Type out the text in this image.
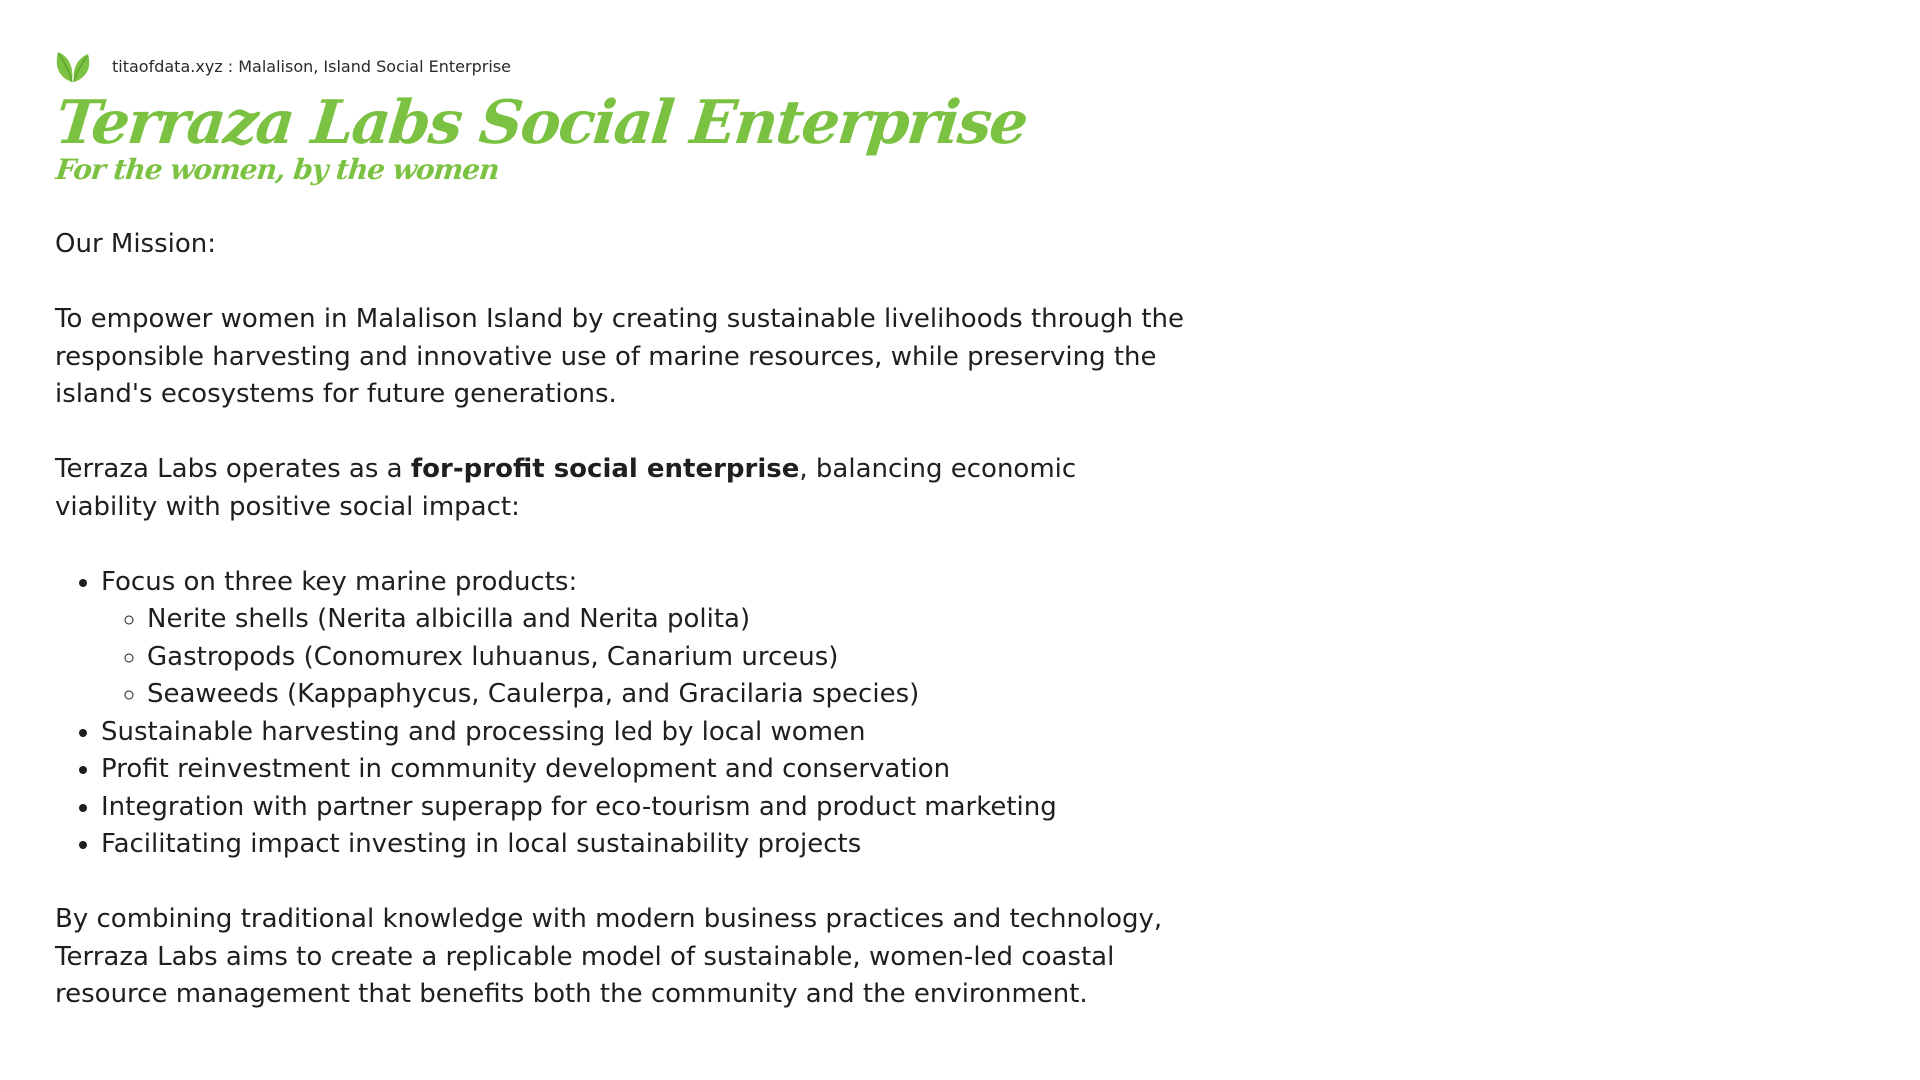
titaofdata.xyz : Malalison, Island Social Enterprise
Terraza Labs Social Enterprise
For the women, by the women

Our Mission:

To empower women in Malalison Island by creating sustainable livelihoods through the responsible harvesting and innovative use of marine resources, while preserving the island's ecosystems for future generations.

Terraza Labs operates as a for-profit social enterprise, balancing economic viability with positive social impact:

• Focus on three key marine products:
◦ Nerite shells (Nerita albicilla and Nerita polita)
◦ Gastropods (Conomurex luhuanus, Canarium urceus)
◦ Seaweeds (Kappaphycus, Caulerpa, and Gracilaria species)
• Sustainable harvesting and processing led by local women
• Profit reinvestment in community development and conservation
• Integration with partner superapp for eco-tourism and product marketing
• Facilitating impact investing in local sustainability projects

By combining traditional knowledge with modern business practices and technology, Terraza Labs aims to create a replicable model of sustainable, women-led coastal resource management that benefits both the community and the environment.
